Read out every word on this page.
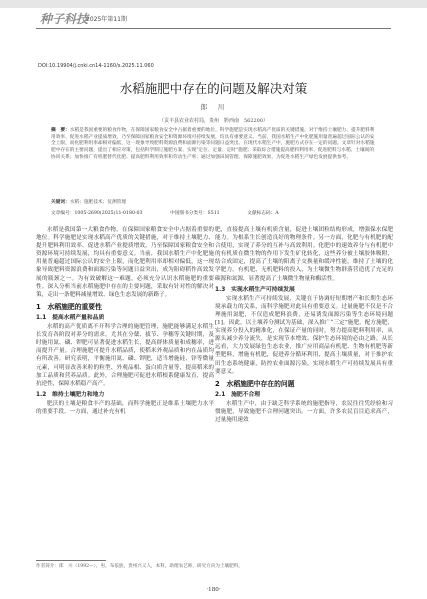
种子科技
2025年第11期
DOI:10.19904/j.cnki.cn14-1160/s.2025.11.060
水稻施肥中存在的问题及解决对策
郎　川
（贡丰县农业农村局，贵州　黔西南　562200）
摘　要：水稻是我国重要的粮食作物，在保障国家粮食安全中占据着重要的地位。科学施肥是实现水稻高产优质的关键措施，对于维持土壤肥力、提升肥料利用效率、促进水稻产业提质增效、乃至保障国家粮食安全和资源环境可持续发展，均具有重要意义。当前，我国水稻生产中化肥施用量普遍超过国际公认的安全上限，而化肥利用率却相对偏低，这一现象导致肥料资源浪费和面源污染等问题日益突出。在现代水稻生产中，施肥方式存在一定的问题。文章针对水稻施肥中存在的主要问题，提出了相应对策，包括科学制订施肥方案、实现"定位、定量、定时"施肥；采取综合措施提高肥料利用率、促进肥料与水稻、土壤间的协同关系；加快推广有机肥替代化肥、提高肥料利用效率和劳动生产率；通过加强田间管理、保障施肥效果，为促进水稻生产绿色发展提供参考。
关键词：水稻；施肥技术；仪测管理
文章编号：1005-2690(2025)11-0180-03	中国图书分类号：S511	文献标志码：A

水稻是我国第一大粮食作物，在保障国家粮食安全中占据着重要的地位。科学施肥是实现水稻高产优质的关键措施，对于维持土壤肥力、提升肥料利用效率、促进水稻产业提质增效，乃至保障国家粮食安全和资源环境可持续发展，均具有重要意义。当前，我国水稻生产中化肥施用量普遍超过国际公认的安全上限，而化肥利用率却相对偏低，这一现象导致肥料资源浪费和面源污染等问题日益突出，成为阻碍稻作高效发展的瓶颈之一。为有效破解这一难题，必须充分认识水稻施肥的重要性。深入分析当前水稻施肥中存在的主要问题，采取有针对性的解决对策，走出一条肥料减量增效、绿色生态发展的新路子。

1　水稻施肥的重要性
1.1　提高水稻产量和品质

水稻的高产优质离不开科学合理的施肥管理，施肥能够满足水稻生长发育各阶段对养分的需求。尤其在分蘖、拔节、孕穗等关键时期，及时施用氮、磷、钾肥可显著促进水稻生长，提高群体质量和成穗率，进而提升产量。合理施肥可提升水稻品质，使稻米外观品质和内在品质均有所改善。研究表明，平衡施用氮、磷、钾肥，适当增施硅、锌等微量元素，可明显改善米粒的粒型、外观品相、蛋白质含量等，提高稻米的加工品质和营养品质。此外，合理施肥可促进水稻根系健康发育，提高抗逆性，保障水稻稳产高产。

1.2　维持土壤肥力和地力

肥沃的土壤是粮食丰产的基础，而科学施肥正是维系土壤肥力水平的重要手段。一方面，通过补充有机

肥，直接提高土壤有机质含量，促进土壤团粒结构形成，增强保水保肥能力。为根系生长创造良好的物理条件。另一方面，化肥与有机肥的配合使用，实现了养分的互补与高效利用。化肥中的速效养分与有机肥中的有机质在微生物的作用下发生矿化转化，这些养分被土壤胶体吸附，结合成固定，提高了土壤的阳离子交换量和缓冲性能，维持了土壤的化学肥力。有机肥、无机肥料的投入，为土壤微生物群落营造优了充足的碳源和氮源，显著提高了土壤微生物量和酶活性。

1.3　实现水稻生产可持续发展

实现水稻生产可持续发展，关键在于协调好短期增产和长期生态环境承载力的关系，而科学施肥对此具有重要意义。过量施肥不仅是不合理施用氮肥，不仅造成肥料浪费，还易诱发面源污染等生态环境问题[1]。因此，以土壤养分测试为基础，深入推广“三定”施肥，配方施肥，实现养分投入的精准化，在保证产量的同时，努力提高肥料利用率，从源头减少养分流失，是实现节本增效、保护生态环境的必由之路。从长远看，大力发展绿色生态农业，推广应用商品有机肥、生物有机肥等新型肥料，增施有机肥，促进养分循环利用，提高土壤质量，对于推护农田生态系统健康，防控农业面源污染，实现水稻生产可持续发展具有重要意义。

2　水稻施肥中存在的问题
2.1　施肥不合理

水稻生产中，由于缺乏科学系统的施肥指导，农民往往凭经验和习惯施肥，导致施肥不合理问题突出。一方面，许多农民盲目追求高产，过量施用速效

作者简介：郎　川（1992—），男，布依族，贵州兴义人，本科，助理农艺师，研究方向为土壤肥料。
·180·
